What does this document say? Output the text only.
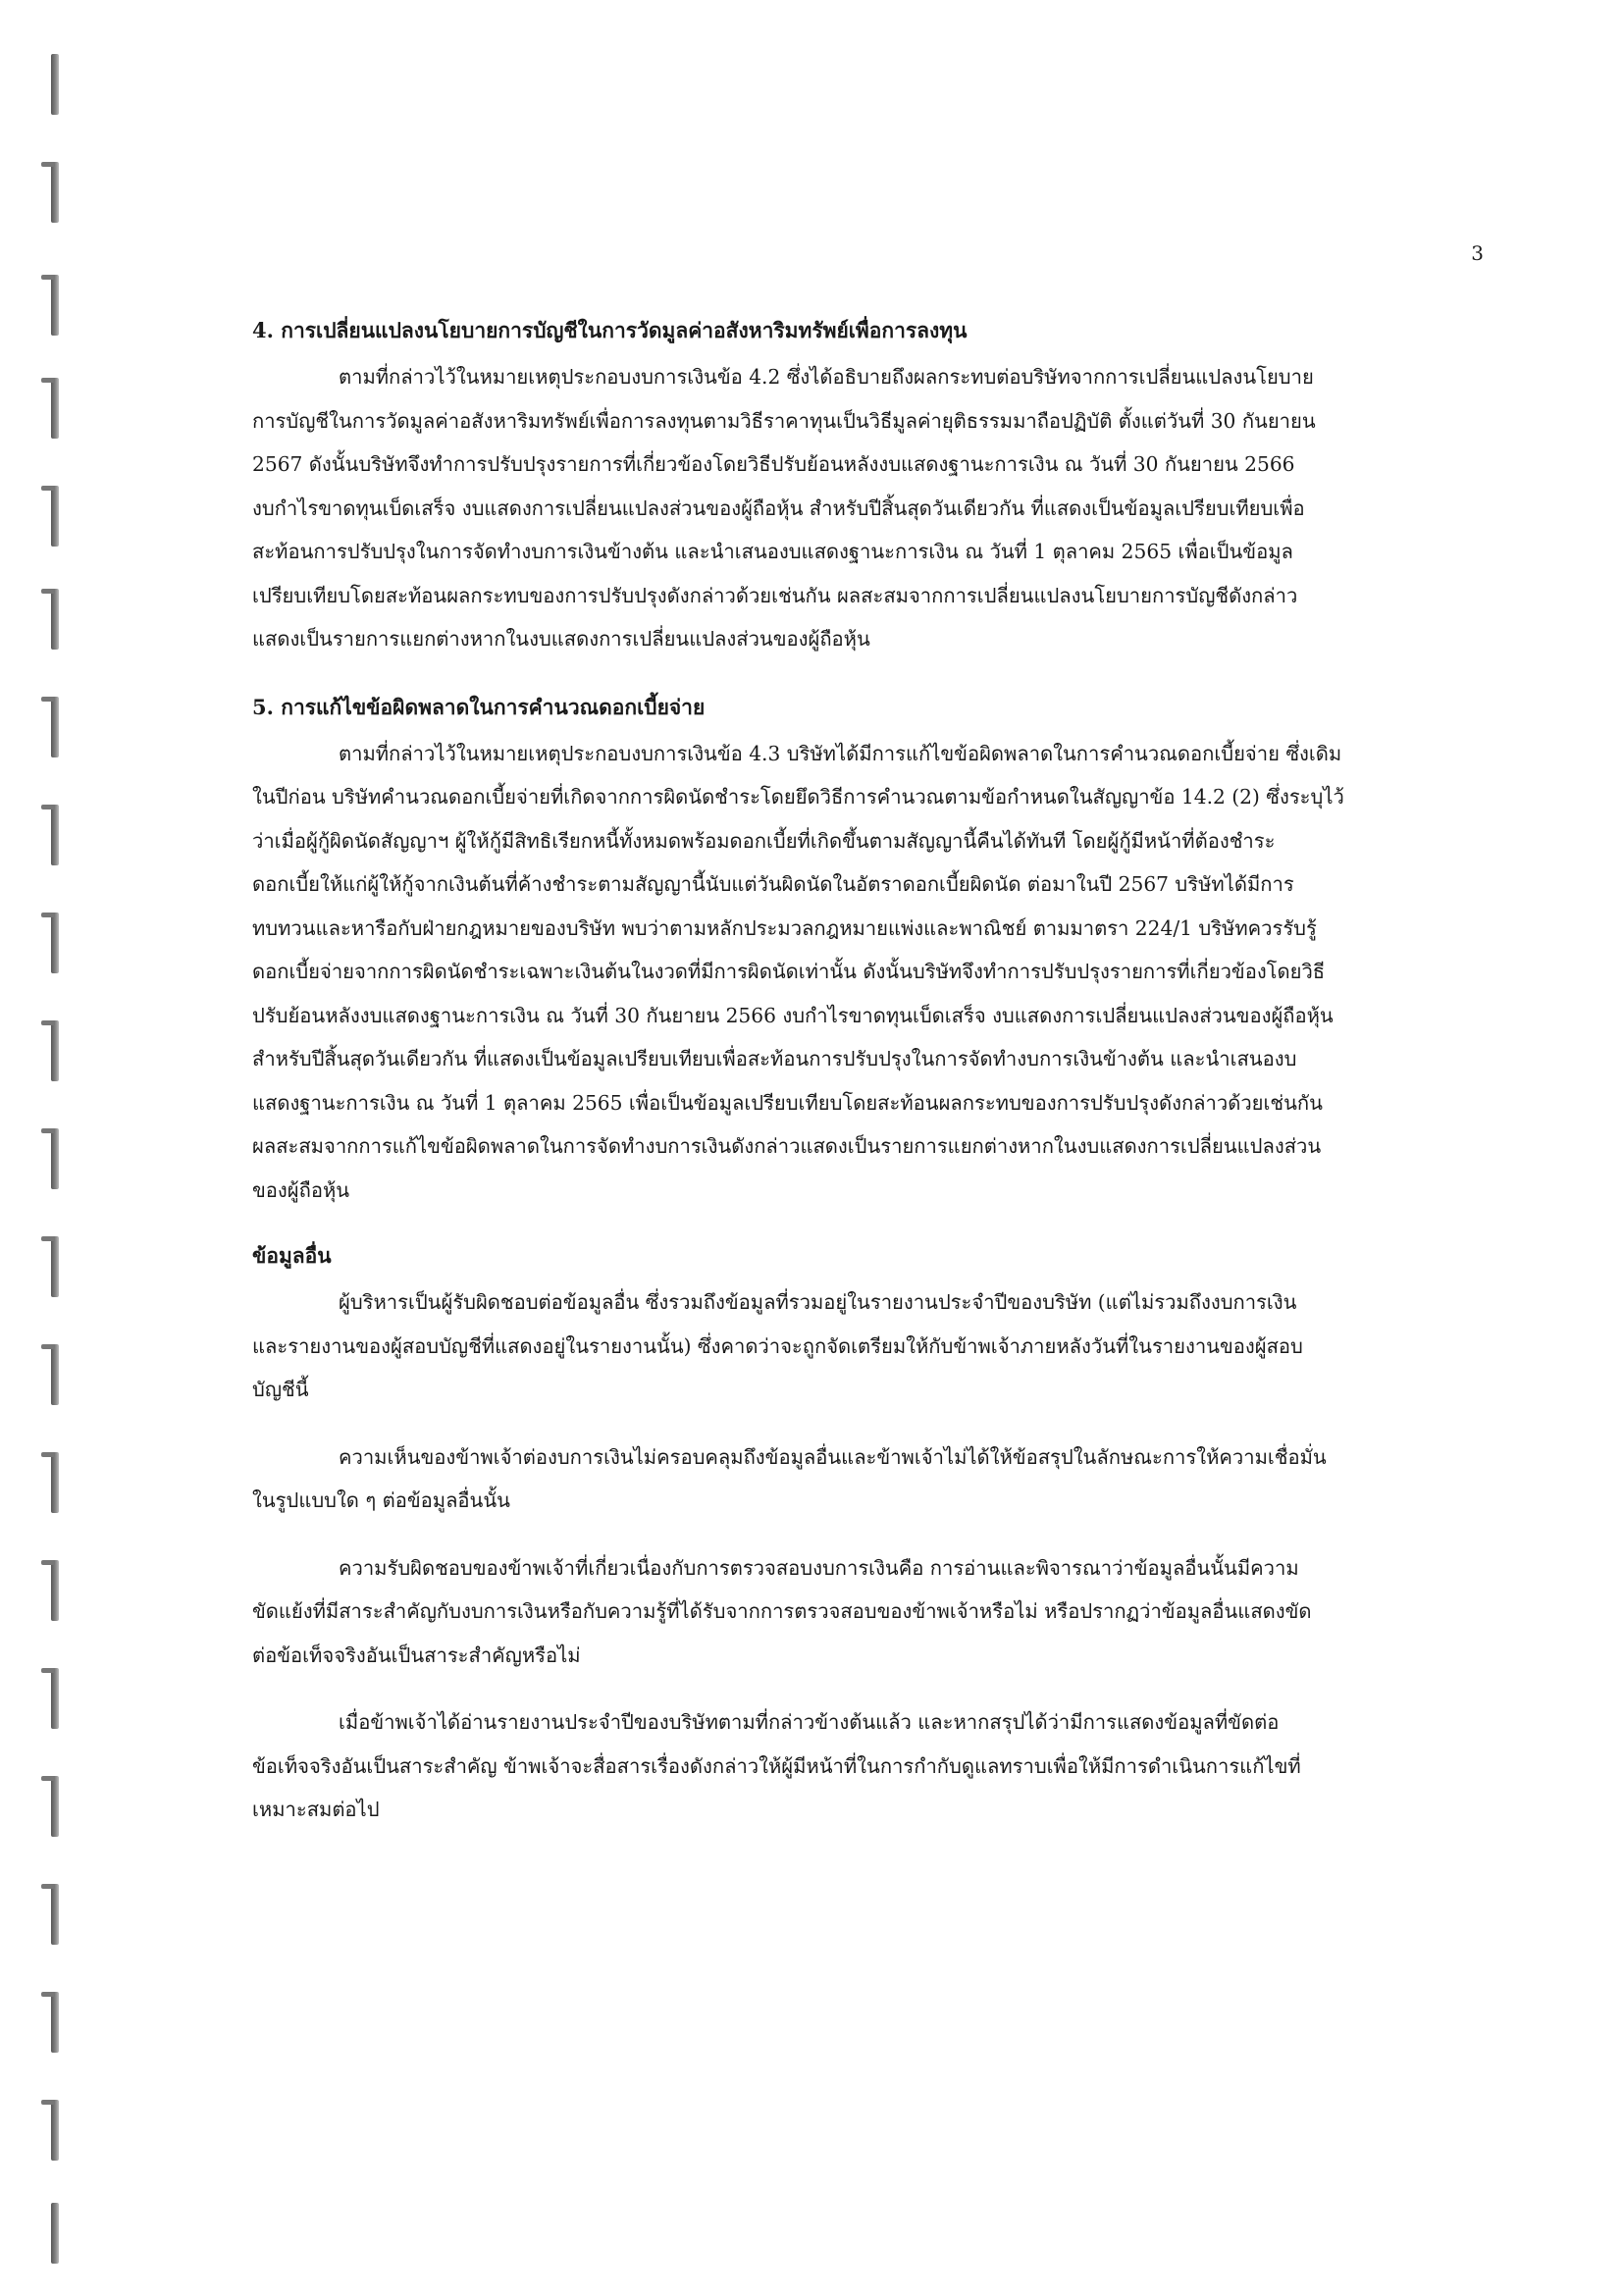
3
4. การเปลี่ยนแปลงนโยบายการบัญชีในการวัดมูลค่าอสังหาริมทรัพย์เพื่อการลงทุน

ตามที่กล่าวไว้ในหมายเหตุประกอบงบการเงินข้อ 4.2 ซึ่งได้อธิบายถึงผลกระทบต่อบริษัทจากการเปลี่ยนแปลงนโยบาย
การบัญชีในการวัดมูลค่าอสังหาริมทรัพย์เพื่อการลงทุนตามวิธีราคาทุนเป็นวิธีมูลค่ายุติธรรมมาถือปฏิบัติ ตั้งแต่วันที่ 30 กันยายน
2567 ดังนั้นบริษัทจึงทำการปรับปรุงรายการที่เกี่ยวข้องโดยวิธีปรับย้อนหลังงบแสดงฐานะการเงิน ณ วันที่ 30 กันยายน 2566
งบกำไรขาดทุนเบ็ดเสร็จ งบแสดงการเปลี่ยนแปลงส่วนของผู้ถือหุ้น สำหรับปีสิ้นสุดวันเดียวกัน ที่แสดงเป็นข้อมูลเปรียบเทียบเพื่อ
สะท้อนการปรับปรุงในการจัดทำงบการเงินข้างต้น และนำเสนองบแสดงฐานะการเงิน ณ วันที่ 1 ตุลาคม 2565 เพื่อเป็นข้อมูล
เปรียบเทียบโดยสะท้อนผลกระทบของการปรับปรุงดังกล่าวด้วยเช่นกัน ผลสะสมจากการเปลี่ยนแปลงนโยบายการบัญชีดังกล่าว
แสดงเป็นรายการแยกต่างหากในงบแสดงการเปลี่ยนแปลงส่วนของผู้ถือหุ้น

5. การแก้ไขข้อผิดพลาดในการคำนวณดอกเบี้ยจ่าย

ตามที่กล่าวไว้ในหมายเหตุประกอบงบการเงินข้อ 4.3 บริษัทได้มีการแก้ไขข้อผิดพลาดในการคำนวณดอกเบี้ยจ่าย ซึ่งเดิม
ในปีก่อน บริษัทคำนวณดอกเบี้ยจ่ายที่เกิดจากการผิดนัดชำระโดยยึดวิธีการคำนวณตามข้อกำหนดในสัญญาข้อ 14.2 (2) ซึ่งระบุไว้
ว่าเมื่อผู้กู้ผิดนัดสัญญาฯ ผู้ให้กู้มีสิทธิเรียกหนี้ทั้งหมดพร้อมดอกเบี้ยที่เกิดขึ้นตามสัญญานี้คืนได้ทันที โดยผู้กู้มีหน้าที่ต้องชำระ
ดอกเบี้ยให้แก่ผู้ให้กู้จากเงินต้นที่ค้างชำระตามสัญญานี้นับแต่วันผิดนัดในอัตราดอกเบี้ยผิดนัด ต่อมาในปี 2567 บริษัทได้มีการ
ทบทวนและหารือกับฝ่ายกฎหมายของบริษัท พบว่าตามหลักประมวลกฎหมายแพ่งและพาณิชย์ ตามมาตรา 224/1 บริษัทควรรับรู้
ดอกเบี้ยจ่ายจากการผิดนัดชำระเฉพาะเงินต้นในงวดที่มีการผิดนัดเท่านั้น ดังนั้นบริษัทจึงทำการปรับปรุงรายการที่เกี่ยวข้องโดยวิธี
ปรับย้อนหลังงบแสดงฐานะการเงิน ณ วันที่ 30 กันยายน 2566 งบกำไรขาดทุนเบ็ดเสร็จ งบแสดงการเปลี่ยนแปลงส่วนของผู้ถือหุ้น
สำหรับปีสิ้นสุดวันเดียวกัน ที่แสดงเป็นข้อมูลเปรียบเทียบเพื่อสะท้อนการปรับปรุงในการจัดทำงบการเงินข้างต้น และนำเสนองบ
แสดงฐานะการเงิน ณ วันที่ 1 ตุลาคม 2565 เพื่อเป็นข้อมูลเปรียบเทียบโดยสะท้อนผลกระทบของการปรับปรุงดังกล่าวด้วยเช่นกัน
ผลสะสมจากการแก้ไขข้อผิดพลาดในการจัดทำงบการเงินดังกล่าวแสดงเป็นรายการแยกต่างหากในงบแสดงการเปลี่ยนแปลงส่วน
ของผู้ถือหุ้น

ข้อมูลอื่น

ผู้บริหารเป็นผู้รับผิดชอบต่อข้อมูลอื่น ซึ่งรวมถึงข้อมูลที่รวมอยู่ในรายงานประจำปีของบริษัท (แต่ไม่รวมถึงงบการเงิน
และรายงานของผู้สอบบัญชีที่แสดงอยู่ในรายงานนั้น) ซึ่งคาดว่าจะถูกจัดเตรียมให้กับข้าพเจ้าภายหลังวันที่ในรายงานของผู้สอบ
บัญชีนี้

ความเห็นของข้าพเจ้าต่องบการเงินไม่ครอบคลุมถึงข้อมูลอื่นและข้าพเจ้าไม่ได้ให้ข้อสรุปในลักษณะการให้ความเชื่อมั่น
ในรูปแบบใด ๆ ต่อข้อมูลอื่นนั้น

ความรับผิดชอบของข้าพเจ้าที่เกี่ยวเนื่องกับการตรวจสอบงบการเงินคือ การอ่านและพิจารณาว่าข้อมูลอื่นนั้นมีความ
ขัดแย้งที่มีสาระสำคัญกับงบการเงินหรือกับความรู้ที่ได้รับจากการตรวจสอบของข้าพเจ้าหรือไม่ หรือปรากฏว่าข้อมูลอื่นแสดงขัด
ต่อข้อเท็จจริงอันเป็นสาระสำคัญหรือไม่

เมื่อข้าพเจ้าได้อ่านรายงานประจำปีของบริษัทตามที่กล่าวข้างต้นแล้ว และหากสรุปได้ว่ามีการแสดงข้อมูลที่ขัดต่อ
ข้อเท็จจริงอันเป็นสาระสำคัญ ข้าพเจ้าจะสื่อสารเรื่องดังกล่าวให้ผู้มีหน้าที่ในการกำกับดูแลทราบเพื่อให้มีการดำเนินการแก้ไขที่
เหมาะสมต่อไป
